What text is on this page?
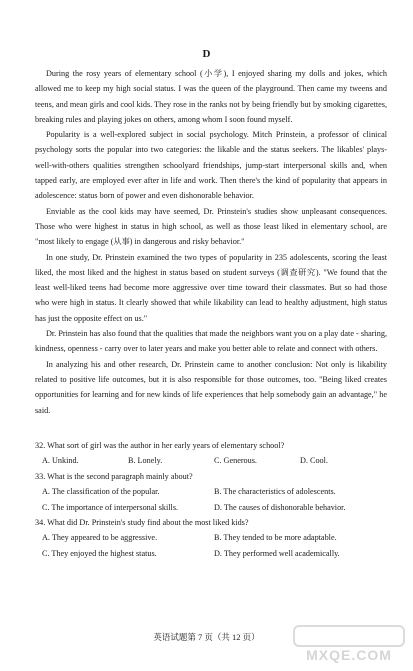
D

During the rosy years of elementary school (小学), I enjoyed sharing my dolls and jokes, which allowed me to keep my high social status. I was the queen of the playground. Then came my tweens and teens, and mean girls and cool kids. They rose in the ranks not by being friendly but by smoking cigarettes, breaking rules and playing jokes on others, among whom I soon found myself.

Popularity is a well-explored subject in social psychology. Mitch Prinstein, a professor of clinical psychology sorts the popular into two categories: the likable and the status seekers. The likables' plays-well-with-others qualities strengthen schoolyard friendships, jump-start interpersonal skills and, when tapped early, are employed ever after in life and work. Then there's the kind of popularity that appears in adolescence: status born of power and even dishonorable behavior.

Enviable as the cool kids may have seemed, Dr. Prinstein's studies show unpleasant consequences. Those who were highest in status in high school, as well as those least liked in elementary school, are "most likely to engage (从事) in dangerous and risky behavior."

In one study, Dr. Prinstein examined the two types of popularity in 235 adolescents, scoring the least liked, the most liked and the highest in status based on student surveys (调查研究). "We found that the least well-liked teens had become more aggressive over time toward their classmates. But so had those who were high in status. It clearly showed that while likability can lead to healthy adjustment, high status has just the opposite effect on us."

Dr. Prinstein has also found that the qualities that made the neighbors want you on a play date - sharing, kindness, openness - carry over to later years and make you better able to relate and connect with others.

In analyzing his and other research, Dr. Prinstein came to another conclusion: Not only is likability related to positive life outcomes, but it is also responsible for those outcomes, too. "Being liked creates opportunities for learning and for new kinds of life experiences that help somebody gain an advantage," he said.

32. What sort of girl was the author in her early years of elementary school?

A. Unkind.	B. Lonely.	C. Generous.	D. Cool.

33. What is the second paragraph mainly about?

A. The classification of the popular.	B. The characteristics of adolescents.
C. The importance of interpersonal skills.	D. The causes of dishonorable behavior.

34. What did Dr. Prinstein's study find about the most liked kids?

A. They appeared to be aggressive.	B. They tended to be more adaptable.
C. They enjoyed the highest status.	D. They performed well academically.
英语试题第 7 页（共 12 页）
MXQE.COM
